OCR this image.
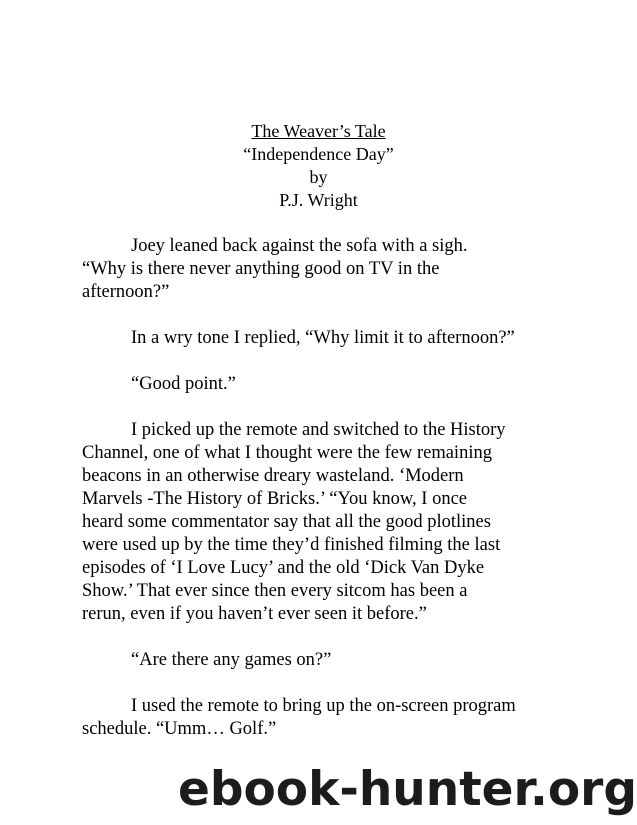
The Weaver’s Tale
“Independence Day”
by
P.J. Wright
Joey leaned back against the sofa with a sigh.
“Why is there never anything good on TV in the
afternoon?”
In a wry tone I replied, “Why limit it to afternoon?”
“Good point.”
I picked up the remote and switched to the History
Channel, one of what I thought were the few remaining
beacons in an otherwise dreary wasteland. ‘Modern
Marvels -The History of Bricks.’ “You know, I once
heard some commentator say that all the good plotlines
were used up by the time they’d finished filming the last
episodes of ‘I Love Lucy’ and the old ‘Dick Van Dyke
Show.’ That ever since then every sitcom has been a
rerun, even if you haven’t ever seen it before.”
“Are there any games on?”
I used the remote to bring up the on-screen program
schedule. “Umm… Golf.”
ebook-hunter.org
